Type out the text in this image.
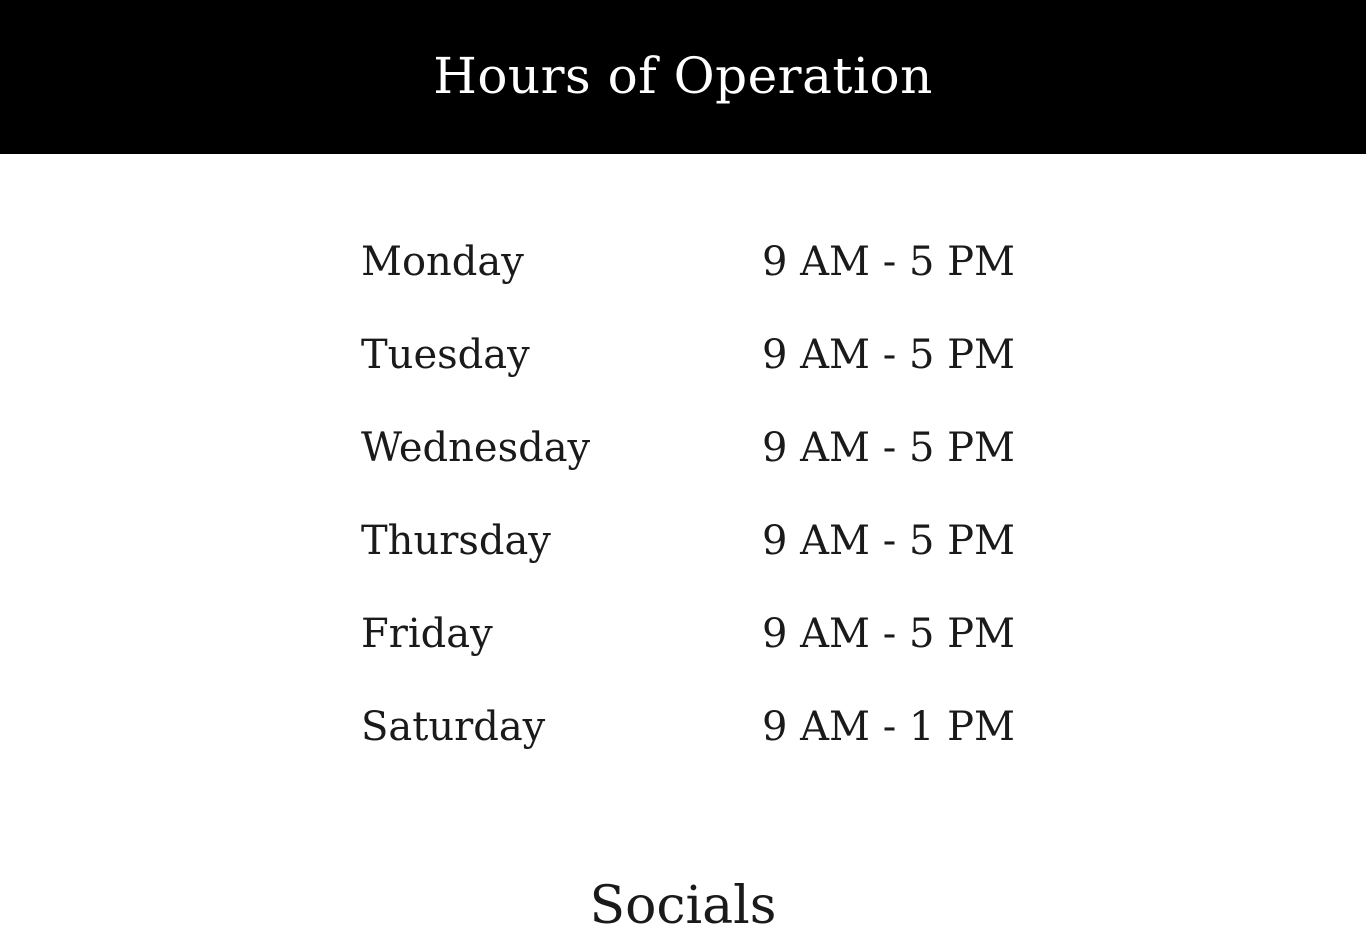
Hours of Operation
Monday	9 AM - 5 PM
Tuesday	9 AM - 5 PM
Wednesday	9 AM - 5 PM
Thursday	9 AM - 5 PM
Friday	9 AM - 5 PM
Saturday	9 AM - 1 PM
Socials
